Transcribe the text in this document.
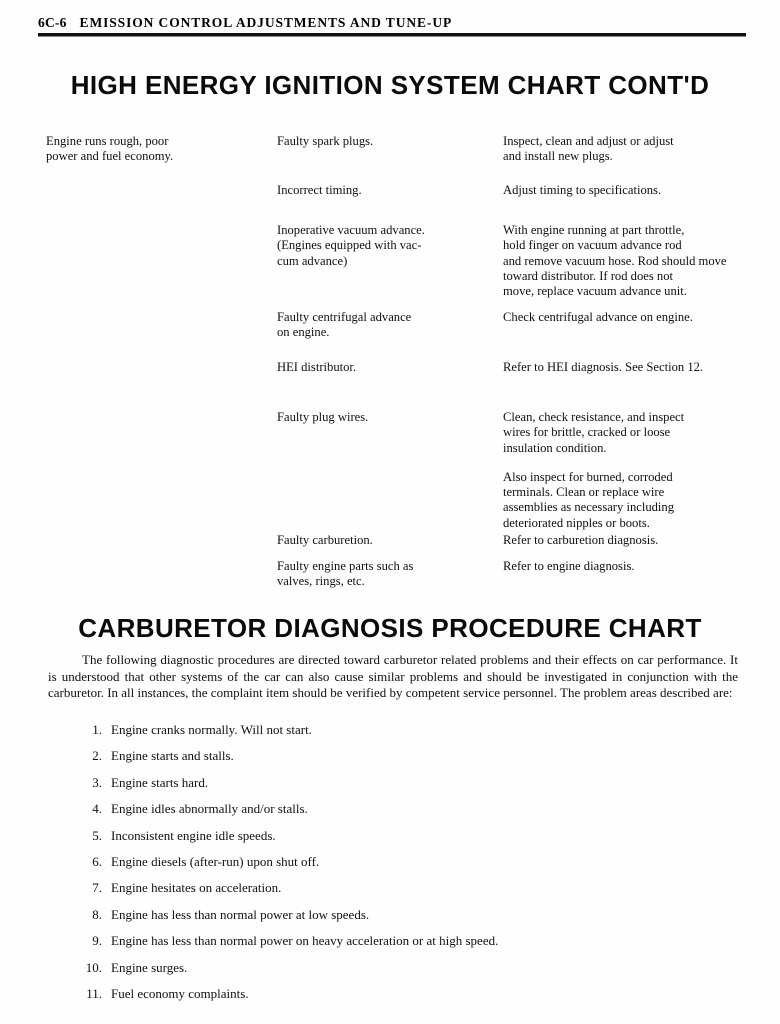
6C-6 EMISSION CONTROL ADJUSTMENTS AND TUNE-UP
HIGH ENERGY IGNITION SYSTEM CHART CONT'D

Engine runs rough, poor
power and fuel economy.

Faulty spark plugs.

Incorrect timing.

Inoperative vacuum advance.
(Engines equipped with vac-
cum advance)

Faulty centrifugal advance
on engine.

HEI distributor.

Faulty plug wires.

Faulty carburetion.

Faulty engine parts such as
valves, rings, etc.

Inspect, clean and adjust or adjust
and install new plugs.

Adjust timing to specifications.

With engine running at part throttle,
hold finger on vacuum advance rod
and remove vacuum hose. Rod should move
toward distributor. If rod does not
move, replace vacuum advance unit.

Check centrifugal advance on engine.

Refer to HEI diagnosis. See Section 12.

Clean, check resistance, and inspect
wires for brittle, cracked or loose
insulation condition.

Also inspect for burned, corroded
terminals. Clean or replace wire
assemblies as necessary including
deteriorated nipples or boots.

Refer to carburetion diagnosis.

Refer to engine diagnosis.

CARBURETOR DIAGNOSIS PROCEDURE CHART
The following diagnostic procedures are directed toward carburetor related problems and their effects on car performance. It is understood that other systems of the car can also cause similar problems and should be investigated in conjunction with the carburetor. In all instances, the complaint item should be verified by competent service personnel. The problem areas described are:
1. Engine cranks normally. Will not start.
2. Engine starts and stalls.
3. Engine starts hard.
4. Engine idles abnormally and/or stalls.
5. Inconsistent engine idle speeds.
6. Engine diesels (after-run) upon shut off.
7. Engine hesitates on acceleration.
8. Engine has less than normal power at low speeds.
9. Engine has less than normal power on heavy acceleration or at high speed.
10. Engine surges.
11. Fuel economy complaints.
